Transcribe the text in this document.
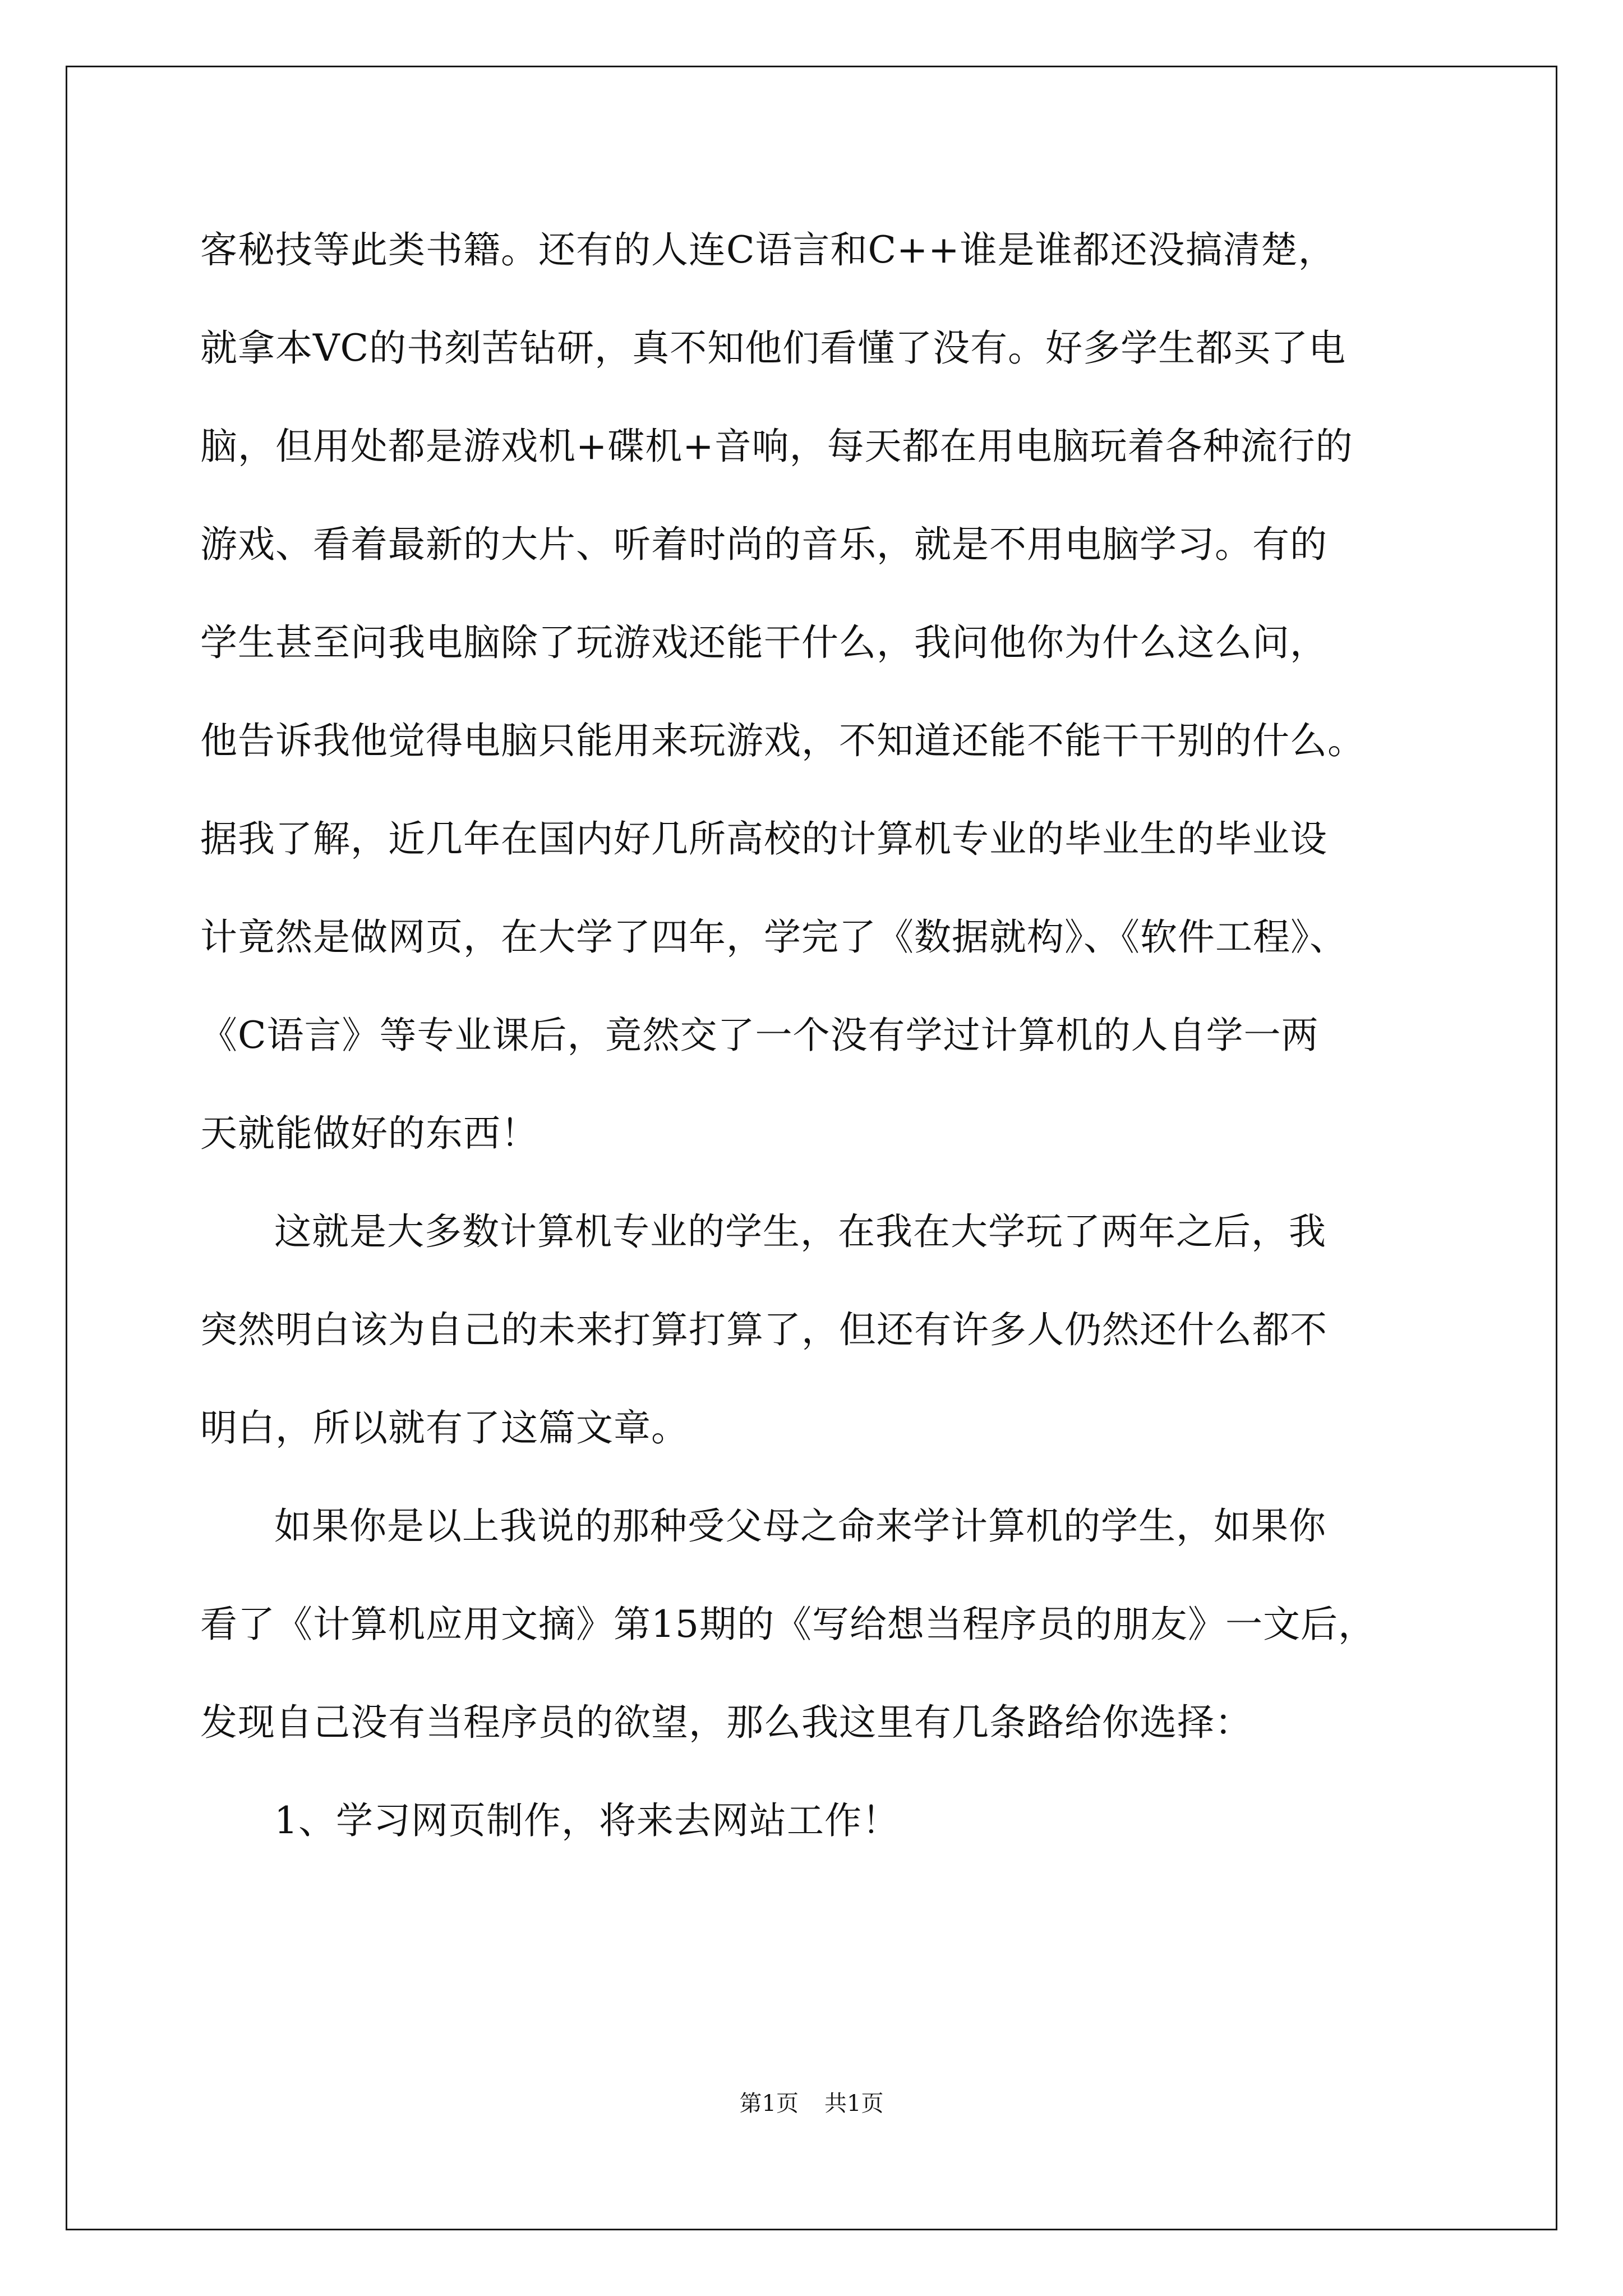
客秘技等此类书籍。还有的人连C语言和C++谁是谁都还没搞清楚，
就拿本VC的书刻苦钻研，真不知他们看懂了没有。好多学生都买了电
脑，但用处都是游戏机+碟机+音响，每天都在用电脑玩着各种流行的
游戏、看着最新的大片、听着时尚的音乐，就是不用电脑学习。有的
学生甚至问我电脑除了玩游戏还能干什么，我问他你为什么这么问，
他告诉我他觉得电脑只能用来玩游戏，不知道还能不能干干别的什么。
据我了解，近几年在国内好几所高校的计算机专业的毕业生的毕业设
计竟然是做网页，在大学了四年，学完了《数据就构》、《软件工程》、
《C语言》等专业课后，竟然交了一个没有学过计算机的人自学一两
天就能做好的东西！
这就是大多数计算机专业的学生，在我在大学玩了两年之后，我
突然明白该为自己的未来打算打算了，但还有许多人仍然还什么都不
明白，所以就有了这篇文章。
如果你是以上我说的那种受父母之命来学计算机的学生，如果你
看了《计算机应用文摘》第15期的《写给想当程序员的朋友》一文后，
发现自己没有当程序员的欲望，那么我这里有几条路给你选择：
1、学习网页制作，将来去网站工作！
第1页 共1页
